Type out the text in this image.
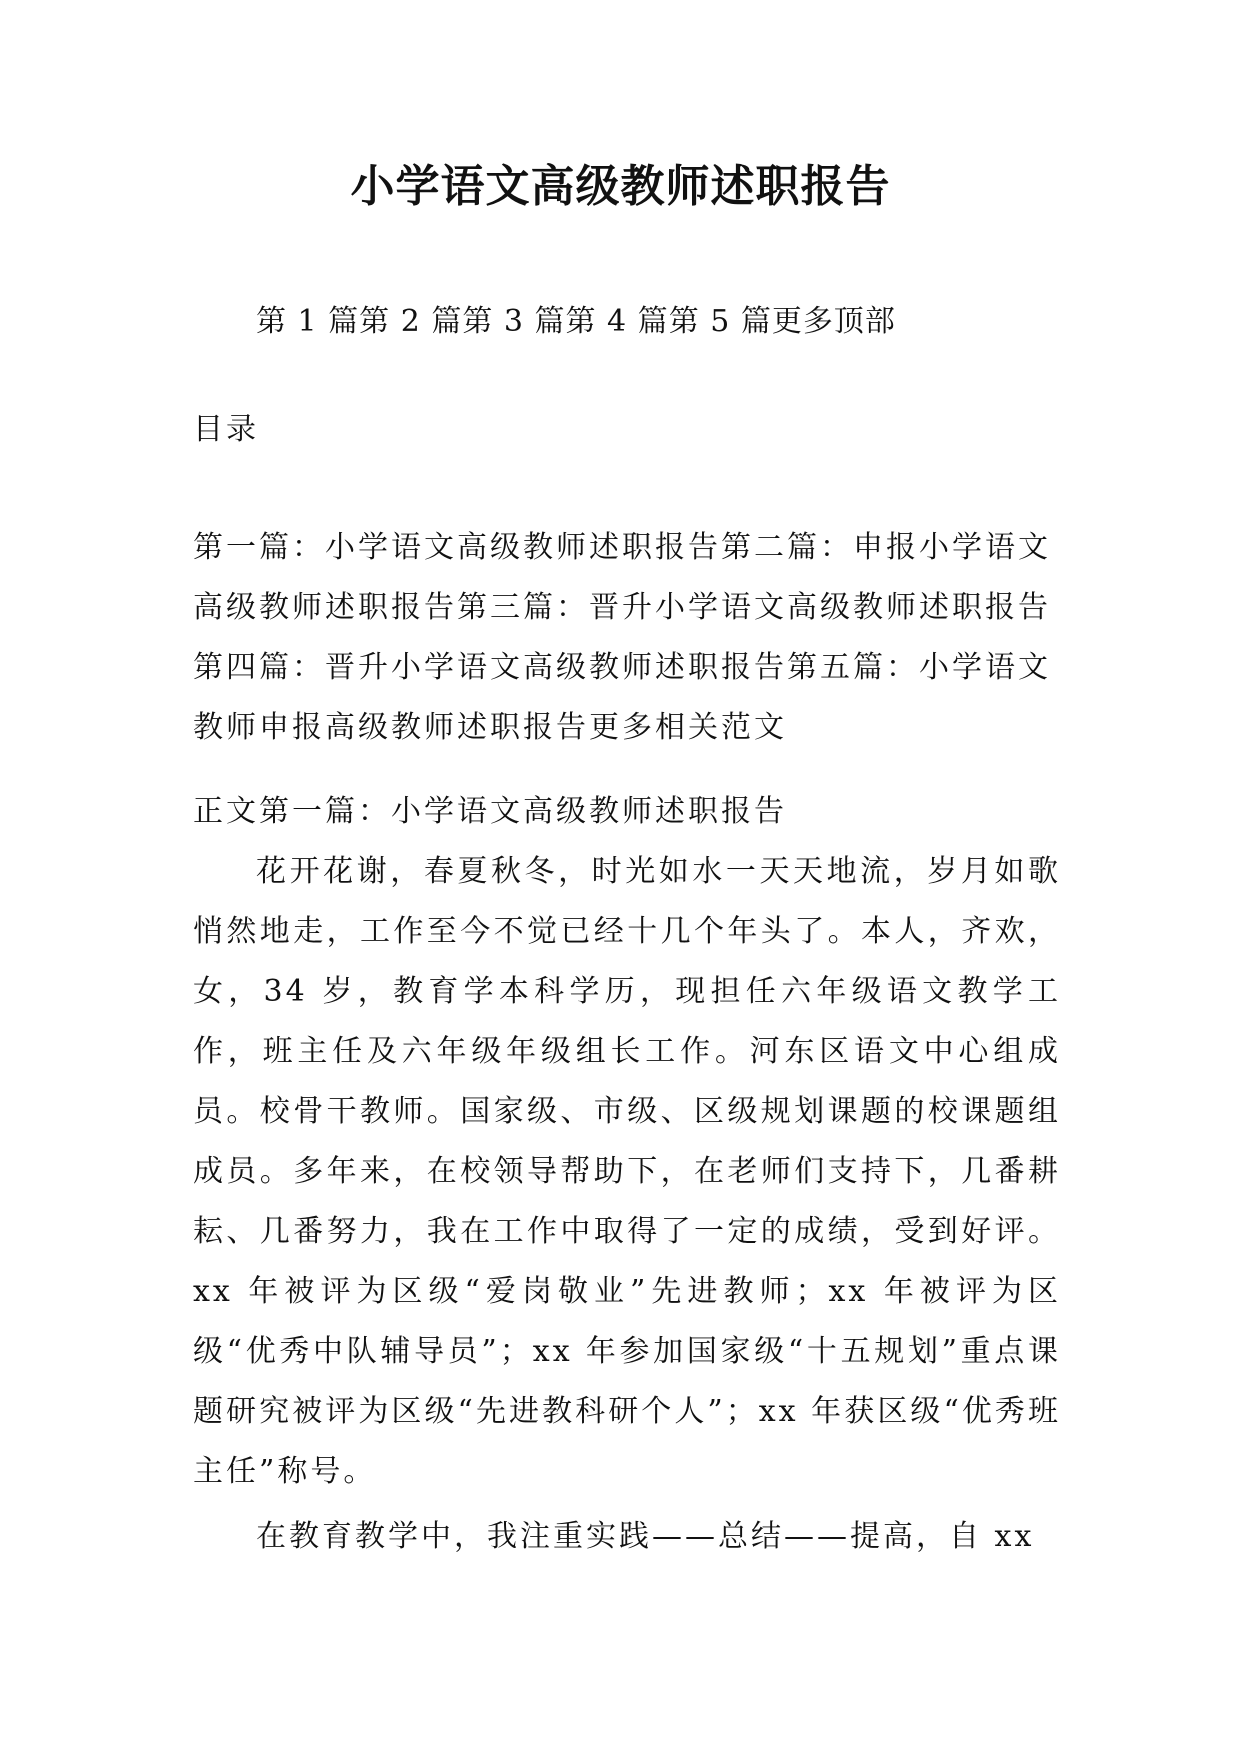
小学语文高级教师述职报告
第 1 篇第 2 篇第 3 篇第 4 篇第 5 篇更多顶部
目录
第一篇：小学语文高级教师述职报告第二篇：申报小学语文高级教师述职报告第三篇：晋升小学语文高级教师述职报告第四篇：晋升小学语文高级教师述职报告第五篇：小学语文教师申报高级教师述职报告更多相关范文
正文第一篇：小学语文高级教师述职报告
花开花谢，春夏秋冬，时光如水一天天地流，岁月如歌悄然地走，工作至今不觉已经十几个年头了。本人，齐欢，女，34 岁，教育学本科学历，现担任六年级语文教学工作，班主任及六年级年级组长工作。河东区语文中心组成员。校骨干教师。国家级、市级、区级规划课题的校课题组成员。多年来，在校领导帮助下，在老师们支持下，几番耕耘、几番努力，我在工作中取得了一定的成绩，受到好评。xx 年被评为区级“爱岗敬业”先进教师；xx 年被评为区级“优秀中队辅导员”；xx 年参加国家级“十五规划”重点课题研究被评为区级“先进教科研个人”；xx 年获区级“优秀班主任”称号。
在教育教学中，我注重实践——总结——提高，自 xx
